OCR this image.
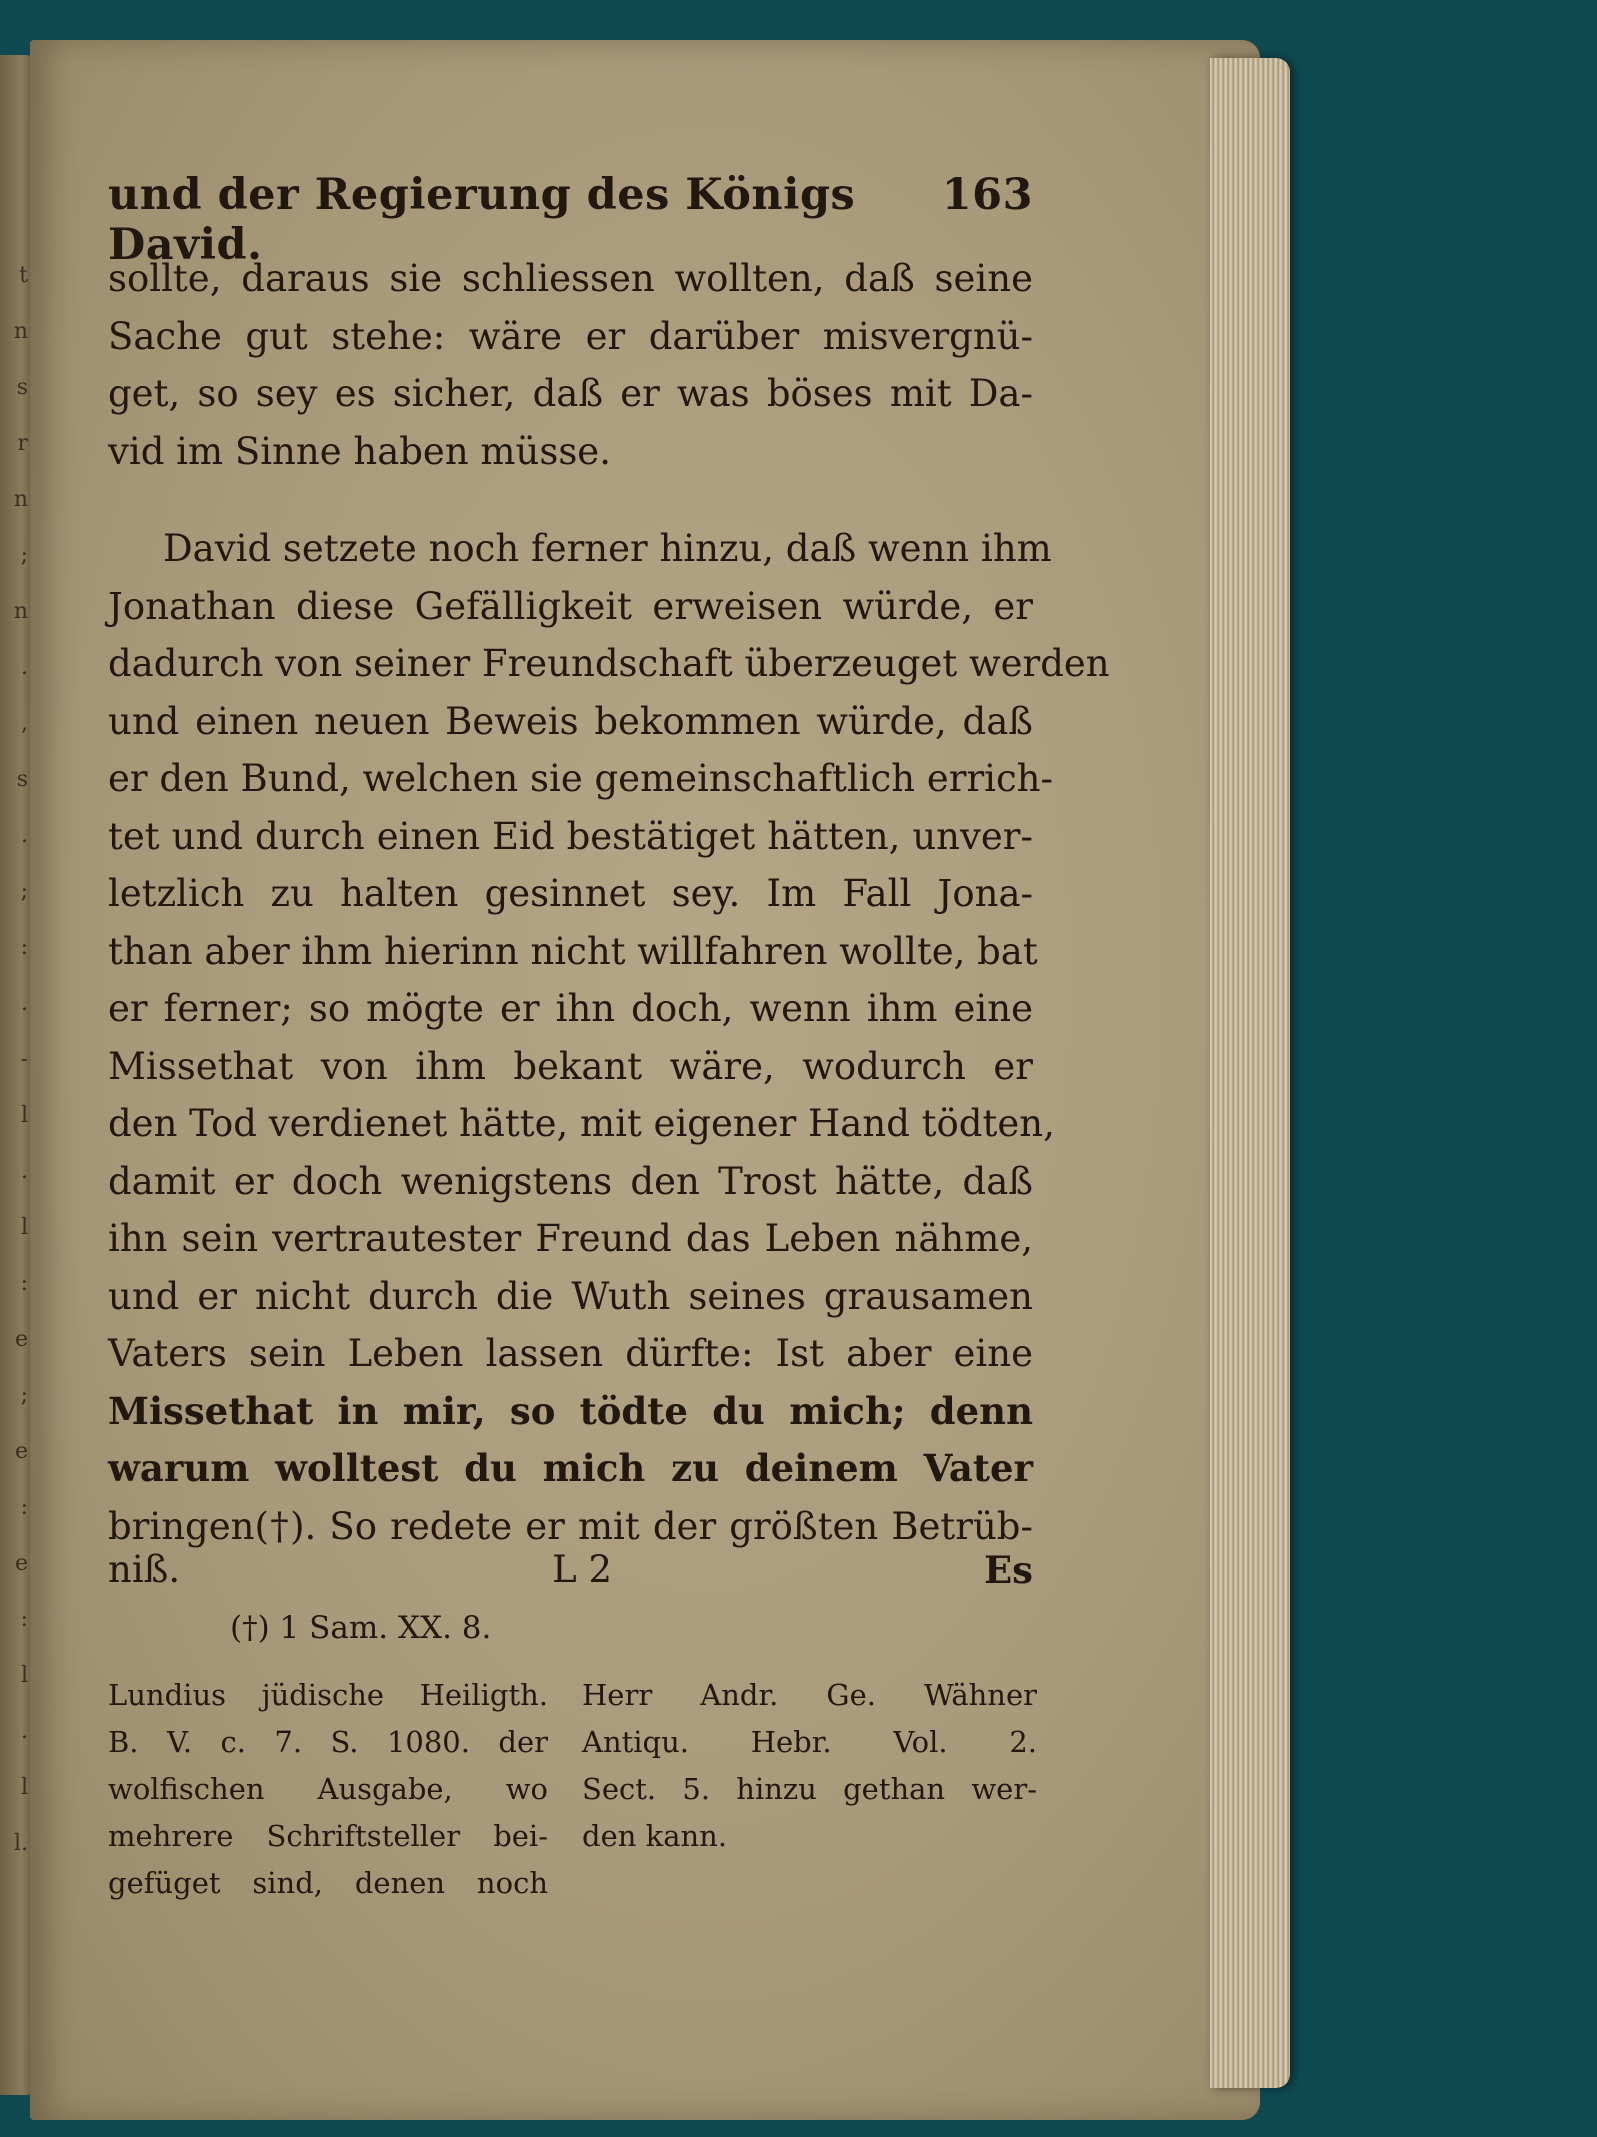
t
n
s
r
n
;
n
.
,
s
.
;
:
.
-
l
.
l
:
e
;
e
:
e
:
l
.
l
l.
und der Regierung des Königs David.
163
sollte, daraus sie schliessen wollten, daß seine
Sache gut stehe: wäre er darüber misvergnü-
get, so sey es sicher, daß er was böses mit Da-
vid im Sinne haben müsse.
David setzete noch ferner hinzu, daß wenn ihm
Jonathan diese Gefälligkeit erweisen würde, er
dadurch von seiner Freundschaft überzeuget werden
und einen neuen Beweis bekommen würde, daß
er den Bund, welchen sie gemeinschaftlich errich-
tet und durch einen Eid bestätiget hätten, unver-
letzlich zu halten gesinnet sey. Im Fall Jona-
than aber ihm hierinn nicht willfahren wollte, bat
er ferner; so mögte er ihn doch, wenn ihm eine
Missethat von ihm bekant wäre, wodurch er
den Tod verdienet hätte, mit eigener Hand tödten,
damit er doch wenigstens den Trost hätte, daß
ihn sein vertrautester Freund das Leben nähme,
und er nicht durch die Wuth seines grausamen
Vaters sein Leben lassen dürfte: Ist aber eine
Missethat in mir, so tödte du mich; denn
warum wolltest du mich zu deinem Vater
bringen(†). So redete er mit der größten Betrüb-
niß.	L 2	Es
(†) 1 Sam. XX. 8.
Lundius jüdische Heiligth.
B. V. c. 7. S. 1080. der
wolfischen Ausgabe, wo
mehrere Schriftsteller bei-
gefüget sind, denen noch
Herr Andr. Ge. Wähner
Antiqu. Hebr. Vol. 2.
Sect. 5. hinzu gethan wer-
den kann.
